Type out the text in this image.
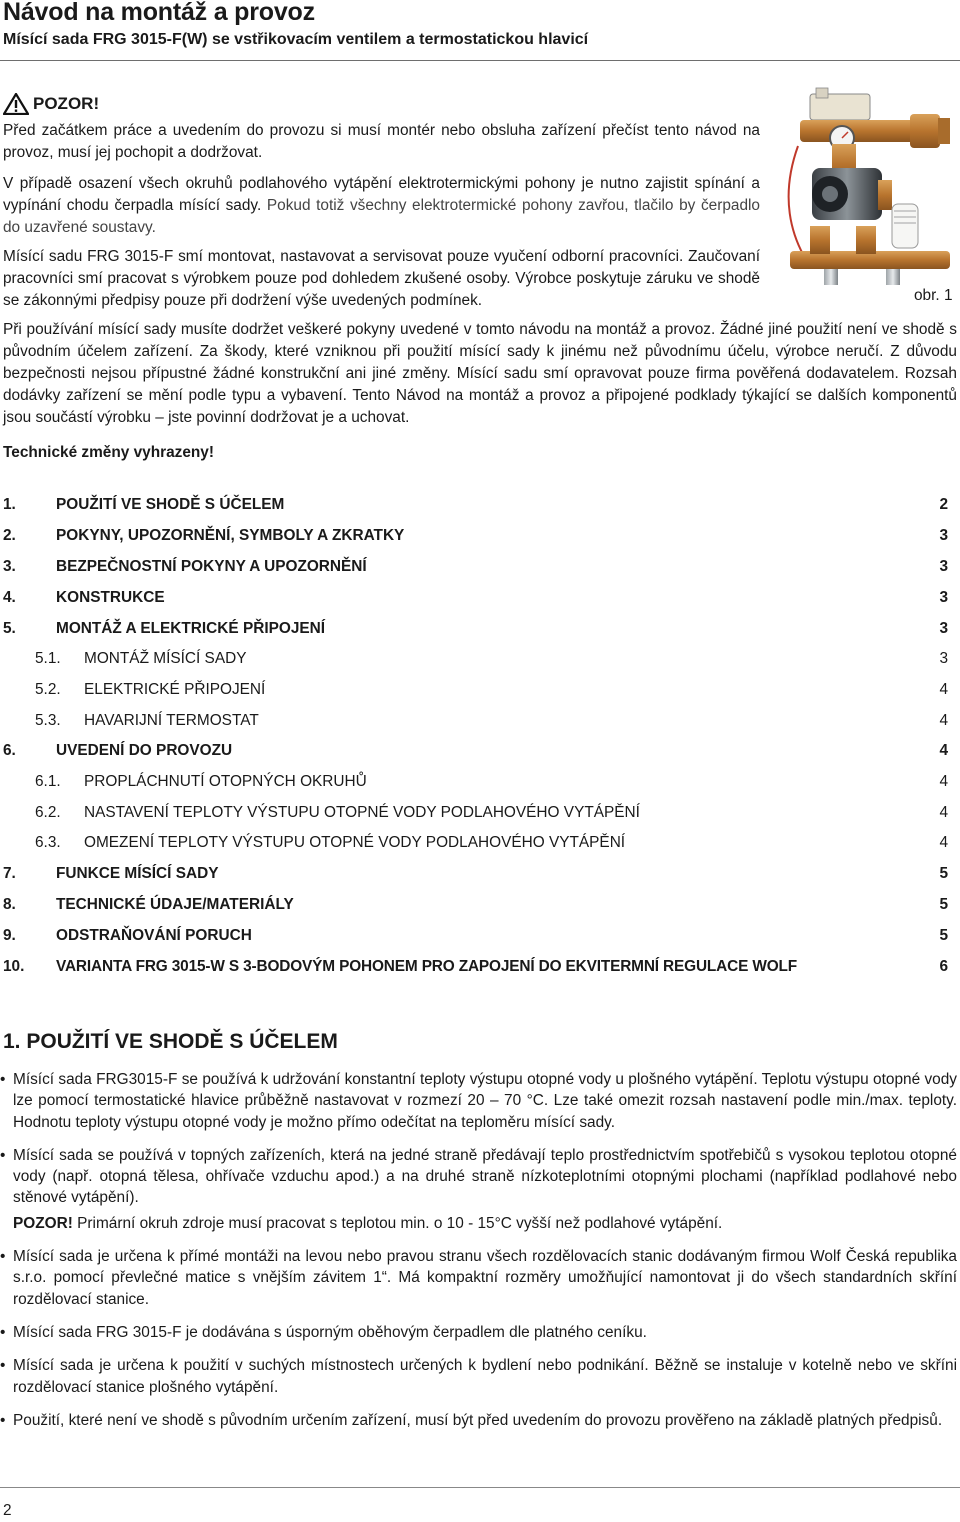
Návod na montáž a provoz
Mísící sada FRG 3015-F(W) se vstřikovacím ventilem a termostatickou hlavicí
POZOR!
Před začátkem práce a uvedením do provozu si musí montér nebo obsluha zařízení přečíst tento návod na provoz, musí jej pochopit a dodržovat.
V případě osazení všech okruhů podlahového vytápění elektrotermickými pohony je nutno zajistit spínání a vypínání chodu čerpadla mísící sady. Pokud totiž všechny elektrotermické pohony zavřou, tlačilo by čerpadlo do uzavřené soustavy.
Mísící sadu FRG 3015-F smí montovat, nastavovat a servisovat pouze vyučení odborní pracovníci. Zaučovaní pracovníci smí pracovat s výrobkem pouze pod dohledem zkušené osoby. Výrobce poskytuje záruku ve shodě se zákonnými předpisy pouze při dodržení výše uvedených podmínek.	obr. 1
Při používání mísící sady musíte dodržet veškeré pokyny uvedené v tomto návodu na montáž a provoz. Žádné jiné použití není ve shodě s původním účelem zařízení. Za škody, které vzniknou při použití mísící sady k jinému než původnímu účelu, výrobce neručí. Z důvodu bezpečnosti nejsou přípustné žádné konstrukční ani jiné změny. Mísící sadu smí opravovat pouze firma pověřená dodavatelem. Rozsah dodávky zařízení se mění podle typu a vybavení. Tento Návod na montáž a provoz a připojené podklady týkající se dalších komponentů jsou součástí výrobku – jste povinní dodržovat je a uchovat.
Technické změny vyhrazeny!
1.	POUŽITÍ VE SHODĚ S ÚČELEM	2
2.	POKYNY, UPOZORNĚNÍ, SYMBOLY A ZKRATKY	3
3.	BEZPEČNOSTNÍ POKYNY A UPOZORNĚNÍ	3
4.	KONSTRUKCE	3
5.	MONTÁŽ A ELEKTRICKÉ PŘIPOJENÍ	3
5.1.	MONTÁŽ MÍSÍCÍ SADY	3
5.2.	ELEKTRICKÉ PŘIPOJENÍ	4
5.3.	HAVARIJNÍ TERMOSTAT	4
6.	UVEDENÍ DO PROVOZU	4
6.1.	PROPLÁCHNUTÍ OTOPNÝCH OKRUHŮ	4
6.2.	NASTAVENÍ TEPLOTY VÝSTUPU OTOPNÉ VODY PODLAHOVÉHO VYTÁPĚNÍ	4
6.3.	OMEZENÍ TEPLOTY VÝSTUPU OTOPNÉ VODY PODLAHOVÉHO VYTÁPĚNÍ	4
7.	FUNKCE MÍSÍCÍ SADY	5
8.	TECHNICKÉ ÚDAJE/MATERIÁLY	5
9.	ODSTRAŇOVÁNÍ PORUCH	5
10.	VARIANTA FRG 3015-W S 3-BODOVÝM POHONEM PRO ZAPOJENÍ DO EKVITERMNÍ REGULACE WOLF	6
1. POUŽITÍ VE SHODĚ S ÚČELEM
• Mísící sada FRG3015-F se používá k udržování konstantní teploty výstupu otopné vody u plošného vytápění. Teplotu výstupu otopné vody lze pomocí termostatické hlavice průběžně nastavovat v rozmezí 20 – 70 °C. Lze také omezit rozsah nastavení podle min./max. teploty. Hodnotu teploty výstupu otopné vody je možno přímo odečítat na teploměru mísící sady.
• Mísící sada se používá v topných zařízeních, která na jedné straně předávají teplo prostřednictvím spotřebičů s vysokou teplotou otopné vody (např. otopná tělesa, ohřívače vzduchu apod.) a na druhé straně nízkoteplotními otopnými plochami (například podlahové nebo stěnové vytápění).
POZOR! Primární okruh zdroje musí pracovat s teplotou min. o 10 - 15°C vyšší než podlahové vytápění.
• Mísící sada je určena k přímé montáži na levou nebo pravou stranu všech rozdělovacích stanic dodávaným firmou Wolf Česká republika s.r.o. pomocí převlečné matice s vnějším závitem 1“. Má kompaktní rozměry umožňující namontovat ji do všech standardních skříní rozdělovací stanice.
• Mísící sada FRG 3015-F je dodávána s úsporným oběhovým čerpadlem dle platného ceníku.
• Mísící sada je určena k použití v suchých místnostech určených k bydlení nebo podnikání. Běžně se instaluje v kotelně nebo ve skříni rozdělovací stanice plošného vytápění.
• Použití, které není ve shodě s původním určením zařízení, musí být před uvedením do provozu prověřeno na základě platných předpisů.
2
